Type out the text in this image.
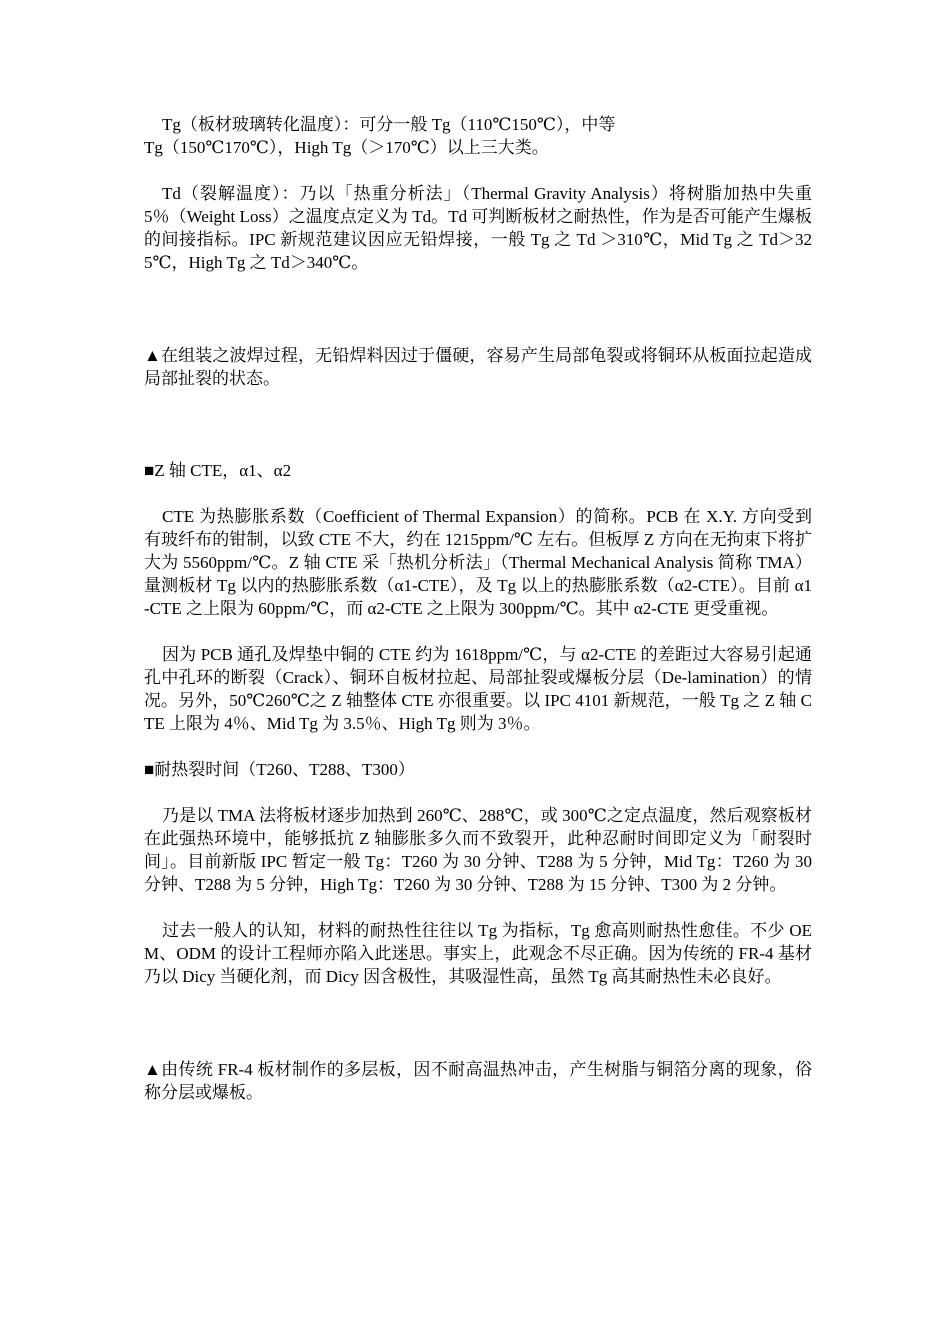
Tg（板材玻璃转化温度）：可分一般 Tg（110℃150℃），中等

Tg（150℃170℃），High Tg（＞170℃）以上三大类。

Td（裂解温度）：乃以「热重分析法」（Thermal Gravity Analysis）将树脂加热中失重 5％（Weight Loss）之温度点定义为 Td。Td 可判断板材之耐热性，作为是否可能产生爆板的间接指标。IPC 新规范建议因应无铅焊接，一般 Tg 之 Td ＞310℃，Mid Tg 之 Td＞325℃，High Tg 之 Td＞340℃。

▲在组装之波焊过程，无铅焊料因过于僵硬，容易产生局部龟裂或将铜环从板面拉起造成局部扯裂的状态。

■Z 轴 CTE，α1、α2

CTE 为热膨胀系数（Coefficient of Thermal Expansion）的简称。PCB 在 X.Y. 方向受到有玻纤布的钳制，以致 CTE 不大，约在 1215ppm/℃ 左右。但板厚 Z 方向在无拘束下将扩大为 5560ppm/℃。Z 轴 CTE 采「热机分析法」（Thermal Mechanical Analysis 简称 TMA）量测板材 Tg 以内的热膨胀系数（α1-CTE），及 Tg 以上的热膨胀系数（α2-CTE）。目前 α1-CTE 之上限为 60ppm/℃，而 α2-CTE 之上限为 300ppm/℃。其中 α2-CTE 更受重视。

因为 PCB 通孔及焊垫中铜的 CTE 约为 1618ppm/℃，与 α2-CTE 的差距过大容易引起通孔中孔环的断裂（Crack）、铜环自板材拉起、局部扯裂或爆板分层（De-lamination）的情况。另外，50℃260℃之 Z 轴整体 CTE 亦很重要。以 IPC 4101 新规范，一般 Tg 之 Z 轴 CTE 上限为 4％、Mid Tg 为 3.5％、High Tg 则为 3％。

■耐热裂时间（T260、T288、T300）

乃是以 TMA 法将板材逐步加热到 260℃、288℃，或 300℃之定点温度，然后观察板材在此强热环境中，能够抵抗 Z 轴膨胀多久而不致裂开，此种忍耐时间即定义为「耐裂时间」。目前新版 IPC 暂定一般 Tg：T260 为 30 分钟、T288 为 5 分钟，Mid Tg：T260 为 30 分钟、T288 为 5 分钟，High Tg：T260 为 30 分钟、T288 为 15 分钟、T300 为 2 分钟。

过去一般人的认知，材料的耐热性往往以 Tg 为指标，Tg 愈高则耐热性愈佳。不少 OEM、ODM 的设计工程师亦陷入此迷思。事实上，此观念不尽正确。因为传统的 FR-4 基材乃以 Dicy 当硬化剂，而 Dicy 因含极性，其吸湿性高，虽然 Tg 高其耐热性未必良好。

▲由传统 FR-4 板材制作的多层板，因不耐高温热冲击，产生树脂与铜箔分离的现象，俗称分层或爆板。
